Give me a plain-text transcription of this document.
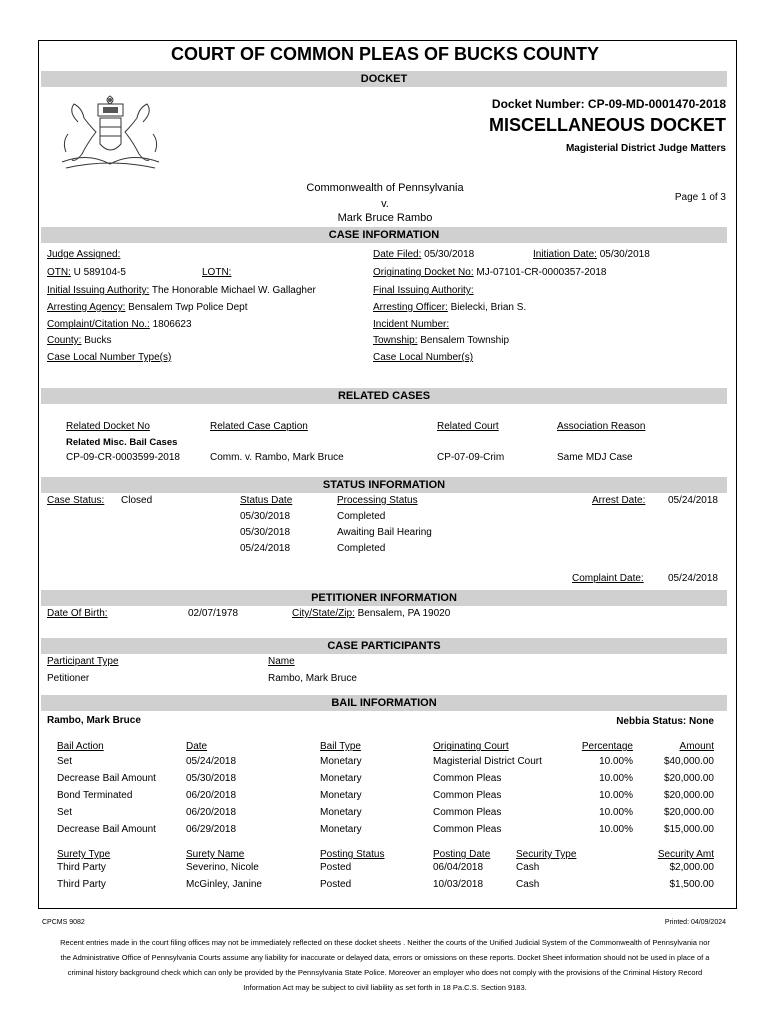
COURT OF COMMON PLEAS OF BUCKS COUNTY
DOCKET
Docket Number: CP-09-MD-0001470-2018
MISCELLANEOUS DOCKET
Magisterial District Judge Matters
Commonwealth of Pennsylvania
v.
Mark Bruce Rambo
Page 1 of 3
CASE INFORMATION
Judge Assigned:	Date Filed: 05/30/2018	Initiation Date: 05/30/2018
OTN: U 589104-5	LOTN:	Originating Docket No: MJ-07101-CR-0000357-2018
Initial Issuing Authority: The Honorable Michael W. Gallagher	Final Issuing Authority:
Arresting Agency: Bensalem Twp Police Dept	Arresting Officer: Bielecki, Brian S.
Complaint/Citation No.: 1806623	Incident Number:
County: Bucks	Township: Bensalem Township
Case Local Number Type(s)	Case Local Number(s)
RELATED CASES
Related Docket No	Related Case Caption	Related Court	Association Reason
Related Misc. Bail Cases
CP-09-CR-0003599-2018	Comm. v. Rambo, Mark Bruce	CP-07-09-Crim	Same MDJ Case
STATUS INFORMATION
Case Status: Closed	Status Date	Processing Status	Arrest Date: 05/24/2018
05/30/2018	Completed
05/30/2018	Awaiting Bail Hearing
05/24/2018	Completed
Complaint Date: 05/24/2018
PETITIONER INFORMATION
Date Of Birth:	02/07/1978	City/State/Zip: Bensalem, PA 19020
CASE PARTICIPANTS
Participant Type	Name
Petitioner	Rambo, Mark Bruce
BAIL INFORMATION
Rambo, Mark Bruce	Nebbia Status: None
Bail Action	Date	Bail Type	Originating Court	Percentage	Amount
Set	05/24/2018	Monetary	Magisterial District Court	10.00%	$40,000.00
Decrease Bail Amount	05/30/2018	Monetary	Common Pleas	10.00%	$20,000.00
Bond Terminated	06/20/2018	Monetary	Common Pleas	10.00%	$20,000.00
Set	06/20/2018	Monetary	Common Pleas	10.00%	$20,000.00
Decrease Bail Amount	06/29/2018	Monetary	Common Pleas	10.00%	$15,000.00
Surety Type	Surety Name	Posting Status	Posting Date	Security Type	Security Amt
Third Party	Severino, Nicole	Posted	06/04/2018	Cash	$2,000.00
Third Party	McGinley, Janine	Posted	10/03/2018	Cash	$1,500.00
CPCMS 9082	Printed: 04/09/2024
Recent entries made in the court filing offices may not be immediately reflected on these docket sheets . Neither the courts of the Unified Judicial System of the Commonwealth of Pennsylvania nor the Administrative Office of Pennsylvania Courts assume any liability for inaccurate or delayed data, errors or omissions on these reports. Docket Sheet information should not be used in place of a criminal history background check which can only be provided by the Pennsylvania State Police. Moreover an employer who does not comply with the provisions of the Criminal History Record Information Act may be subject to civil liability as set forth in 18 Pa.C.S. Section 9183.
